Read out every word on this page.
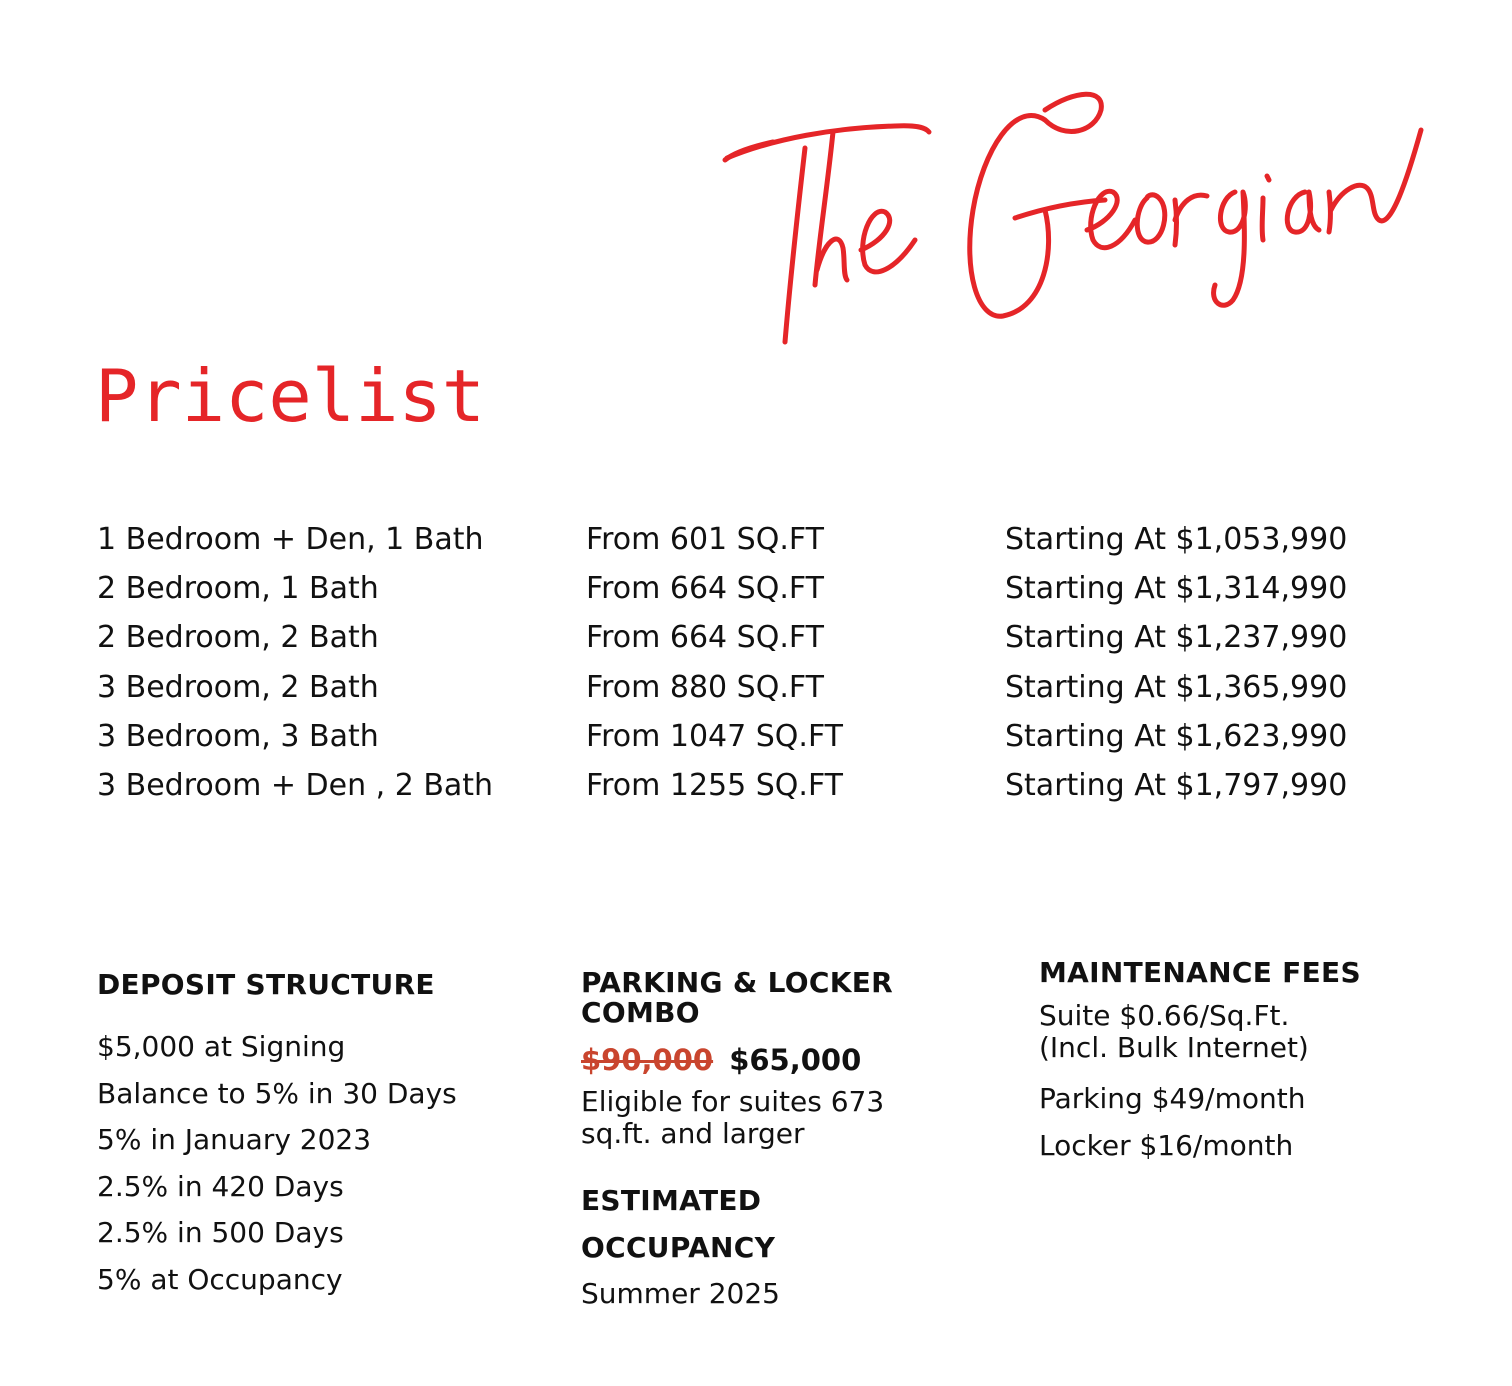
Pricelist
1 Bedroom + Den, 1 Bath	From 601 SQ.FT	Starting At $1,053,990
2 Bedroom, 1 Bath	From 664 SQ.FT	Starting At $1,314,990
2 Bedroom, 2 Bath	From 664 SQ.FT	Starting At $1,237,990
3 Bedroom, 2 Bath	From 880 SQ.FT	Starting At $1,365,990
3 Bedroom, 3 Bath	From 1047 SQ.FT	Starting At $1,623,990
3 Bedroom + Den , 2 Bath	From 1255 SQ.FT	Starting At $1,797,990
DEPOSIT STRUCTURE
$5,000 at Signing
Balance to 5% in 30 Days
5% in January 2023
2.5% in 420 Days
2.5% in 500 Days
5% at Occupancy
PARKING & LOCKER
COMBO
$90,000 $65,000
Eligible for suites 673
sq.ft. and larger
ESTIMATED
OCCUPANCY
Summer 2025
MAINTENANCE FEES
Suite $0.66/Sq.Ft.
(Incl. Bulk Internet)
Parking $49/month
Locker $16/month
